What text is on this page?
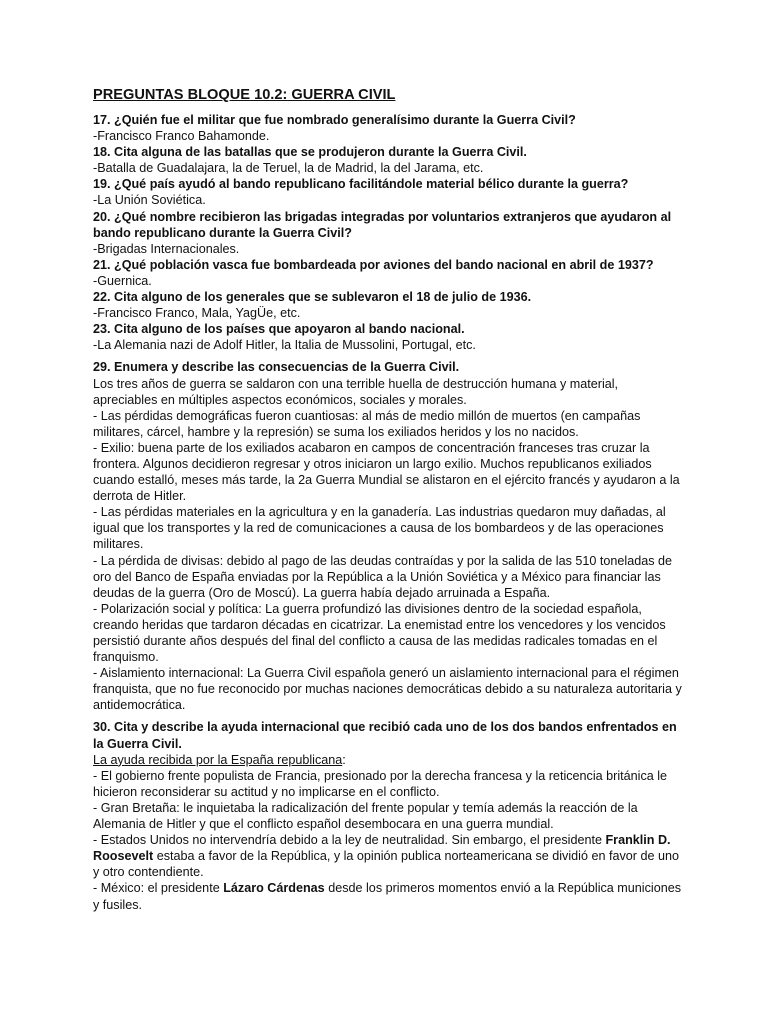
PREGUNTAS BLOQUE 10.2: GUERRA CIVIL

17. ¿Quién fue el militar que fue nombrado generalísimo durante la Guerra Civil?

-Francisco Franco Bahamonde.

18. Cita alguna de las batallas que se produjeron durante la Guerra Civil.

-Batalla de Guadalajara, la de Teruel, la de Madrid, la del Jarama, etc.

19. ¿Qué país ayudó al bando republicano facilitándole material bélico durante la guerra?

-La Unión Soviética.

20. ¿Qué nombre recibieron las brigadas integradas por voluntarios extranjeros que ayudaron al bando republicano durante la Guerra Civil?

-Brigadas Internacionales.

21. ¿Qué población vasca fue bombardeada por aviones del bando nacional en abril de 1937?

-Guernica.

22. Cita alguno de los generales que se sublevaron el 18 de julio de 1936.

-Francisco Franco, Mala, YagÜe, etc.

23. Cita alguno de los países que apoyaron al bando nacional.

-La Alemania nazi de Adolf Hitler, la Italia de Mussolini, Portugal, etc.

29. Enumera y describe las consecuencias de la Guerra Civil.

Los tres años de guerra se saldaron con una terrible huella de destrucción humana y material, apreciables en múltiples aspectos económicos, sociales y morales.

- Las pérdidas demográficas fueron cuantiosas: al más de medio millón de muertos (en campañas militares, cárcel, hambre y la represión) se suma los exiliados heridos y los no nacidos.

- Exilio: buena parte de los exiliados acabaron en campos de concentración franceses tras cruzar la frontera. Algunos decidieron regresar y otros iniciaron un largo exilio. Muchos republicanos exiliados cuando estalló, meses más tarde, la 2a Guerra Mundial se alistaron en el ejército francés y ayudaron a la derrota de Hitler.

- Las pérdidas materiales en la agricultura y en la ganadería. Las industrias quedaron muy dañadas, al igual que los transportes y la red de comunicaciones a causa de los bombardeos y de las operaciones militares.

- La pérdida de divisas: debido al pago de las deudas contraídas y por la salida de las 510 toneladas de oro del Banco de España enviadas por la República a la Unión Soviética y a México para financiar las deudas de la guerra (Oro de Moscú). La guerra había dejado arruinada a España.

- Polarización social y política: La guerra profundizó las divisiones dentro de la sociedad española, creando heridas que tardaron décadas en cicatrizar. La enemistad entre los vencedores y los vencidos persistió durante años después del final del conflicto a causa de las medidas radicales tomadas en el franquismo.

- Aislamiento internacional: La Guerra Civil española generó un aislamiento internacional para el régimen franquista, que no fue reconocido por muchas naciones democráticas debido a su naturaleza autoritaria y antidemocrática.

30. Cita y describe la ayuda internacional que recibió cada uno de los dos bandos enfrentados en la Guerra Civil.

La ayuda recibida por la España republicana:

- El gobierno frente populista de Francia, presionado por la derecha francesa y la reticencia británica le hicieron reconsiderar su actitud y no implicarse en el conflicto.

- Gran Bretaña: le inquietaba la radicalización del frente popular y temía además la reacción de la Alemania de Hitler y que el conflicto español desembocara en una guerra mundial.

- Estados Unidos no intervendría debido a la ley de neutralidad. Sin embargo, el presidente Franklin D. Roosevelt estaba a favor de la República, y la opinión publica norteamericana se dividió en favor de uno y otro contendiente.

- México: el presidente Lázaro Cárdenas desde los primeros momentos envió a la República municiones y fusiles.
